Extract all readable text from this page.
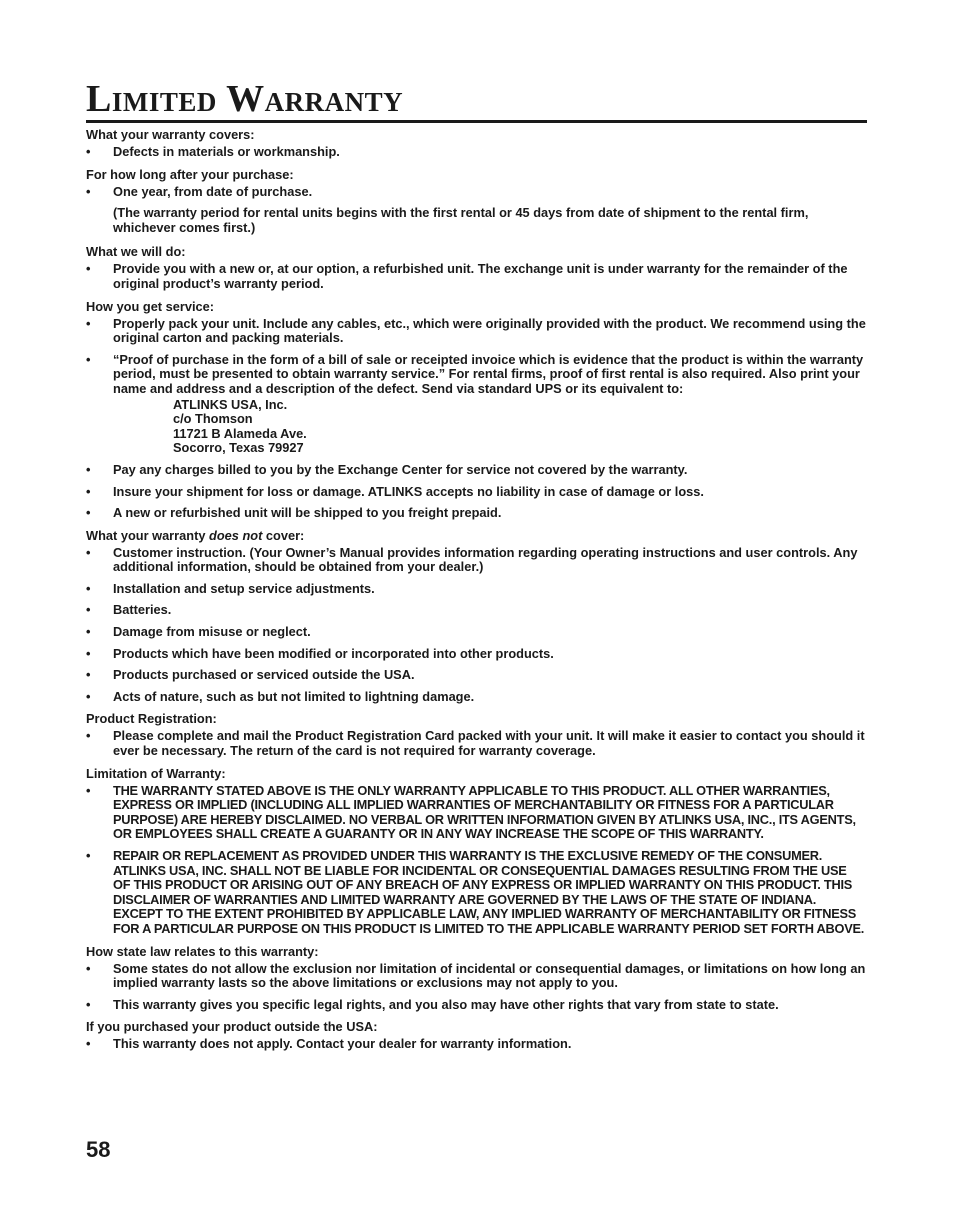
Limited Warranty
What your warranty covers:
•	Defects in materials or workmanship.
For how long after your purchase:
•	One year, from date of purchase.
(The warranty period for rental units begins with the first rental or 45 days from date of shipment to the rental firm, whichever comes first.)
What we will do:
•	Provide you with a new or, at our option, a refurbished unit. The exchange unit is under warranty for the remainder of the original product’s warranty period.
How you get service:
•	Properly pack your unit. Include any cables, etc., which were originally provided with the product. We recommend using the original carton and packing materials.
•	“Proof of purchase in the form of a bill of sale or receipted invoice which is evidence that the product is within the warranty period, must be presented to obtain warranty service.” For rental firms, proof of first rental is also required. Also print your name and address and a description of the defect. Send via standard UPS or its equivalent to:
ATLINKS USA, Inc.
c/o Thomson
11721 B Alameda Ave.
Socorro, Texas 79927
•	Pay any charges billed to you by the Exchange Center for service not covered by the warranty.
•	Insure your shipment for loss or damage. ATLINKS accepts no liability in case of damage or loss.
•	A new or refurbished unit will be shipped to you freight prepaid.
What your warranty does not cover:
•	Customer instruction. (Your Owner’s Manual provides information regarding operating instructions and user controls. Any additional information, should be obtained from your dealer.)
•	Installation and setup service adjustments.
•	Batteries.
•	Damage from misuse or neglect.
•	Products which have been modified or incorporated into other products.
•	Products purchased or serviced outside the USA.
•	Acts of nature, such as but not limited to lightning damage.
Product Registration:
•	Please complete and mail the Product Registration Card packed with your unit. It will make it easier to contact you should it ever be necessary. The return of the card is not required for warranty coverage.
Limitation of Warranty:
•	THE WARRANTY STATED ABOVE IS THE ONLY WARRANTY APPLICABLE TO THIS PRODUCT. ALL OTHER WARRANTIES, EXPRESS OR IMPLIED (INCLUDING ALL IMPLIED WARRANTIES OF MERCHANTABILITY OR FITNESS FOR A PARTICULAR PURPOSE) ARE HEREBY DISCLAIMED. NO VERBAL OR WRITTEN INFORMATION GIVEN BY ATLINKS USA, INC., ITS AGENTS, OR EMPLOYEES SHALL CREATE A GUARANTY OR IN ANY WAY INCREASE THE SCOPE OF THIS WARRANTY.
•	REPAIR OR REPLACEMENT AS PROVIDED UNDER THIS WARRANTY IS THE EXCLUSIVE REMEDY OF THE CONSUMER. ATLINKS USA, INC. SHALL NOT BE LIABLE FOR INCIDENTAL OR CONSEQUENTIAL DAMAGES RESULTING FROM THE USE OF THIS PRODUCT OR ARISING OUT OF ANY BREACH OF ANY EXPRESS OR IMPLIED WARRANTY ON THIS PRODUCT. THIS DISCLAIMER OF WARRANTIES AND LIMITED WARRANTY ARE GOVERNED BY THE LAWS OF THE STATE OF INDIANA. EXCEPT TO THE EXTENT PROHIBITED BY APPLICABLE LAW, ANY IMPLIED WARRANTY OF MERCHANTABILITY OR FITNESS FOR A PARTICULAR PURPOSE ON THIS PRODUCT IS LIMITED TO THE APPLICABLE WARRANTY PERIOD SET FORTH ABOVE.
How state law relates to this warranty:
•	Some states do not allow the exclusion nor limitation of incidental or consequential damages, or limitations on how long an implied warranty lasts so the above limitations or exclusions may not apply to you.
•	This warranty gives you specific legal rights, and you also may have other rights that vary from state to state.
If you purchased your product outside the USA:
•	This warranty does not apply. Contact your dealer for warranty information.
58
